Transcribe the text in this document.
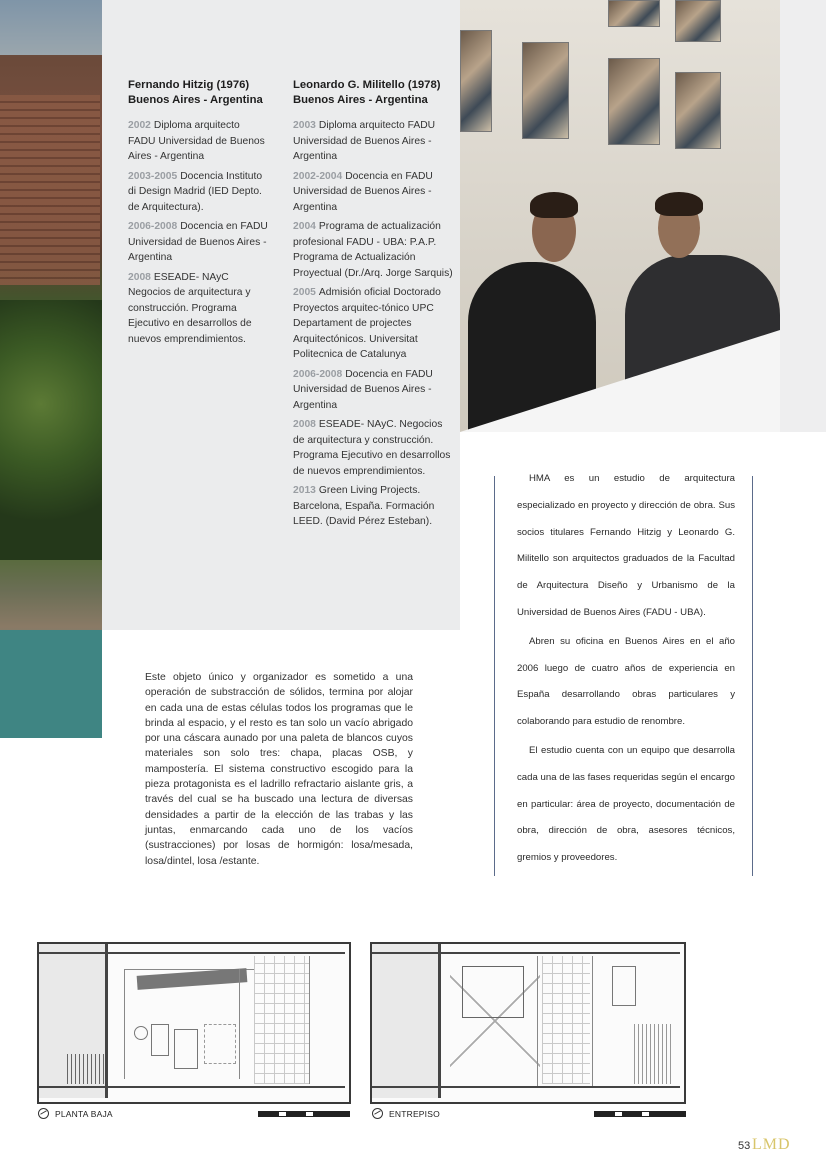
Fernando Hitzig (1976)
Buenos Aires - Argentina
2002 Diploma arquitecto FADU Universidad de Buenos Aires - Argentina
2003-2005 Docencia Instituto di Design Madrid (IED Depto. de Arquitectura).
2006-2008 Docencia en FADU Universidad de Buenos Aires - Argentina
2008 ESEADE- NAyC Negocios de arquitectura y construcción. Programa Ejecutivo en desarrollos de nuevos emprendimientos.
Leonardo G. Militello (1978)
Buenos Aires - Argentina
2003 Diploma arquitecto FADU Universidad de Buenos Aires - Argentina
2002-2004 Docencia en FADU Universidad de Buenos Aires - Argentina
2004 Programa de actualización profesional FADU - UBA: P.A.P. Programa de Actualización Proyectual (Dr./Arq. Jorge Sarquis)
2005 Admisión oficial Doctorado Proyectos arquitec-tónico UPC Departament de projectes Arquitectónicos. Universitat Politecnica de Catalunya
2006-2008 Docencia en FADU Universidad de Buenos Aires - Argentina
2008 ESEADE- NAyC. Negocios de arquitectura y construcción. Programa Ejecutivo en desarrollos de nuevos emprendimientos.
2013 Green Living Projects. Barcelona, España. Formación LEED. (David Pérez Esteban).
Este objeto único y organizador es sometido a una operación de substracción de sólidos, termina por alojar en cada una de estas células todos los programas que le brinda al espacio, y el resto es tan solo un vacío abrigado por una cáscara aunado por una paleta de blancos cuyos materiales son solo tres: chapa, placas OSB, y mampostería. El sistema constructivo escogido para la pieza protagonista es el ladrillo refractario aislante gris, a través del cual se ha buscado una lectura de diversas densidades a partir de la elección de las trabas y las juntas, enmarcando cada uno de los vacíos (sustracciones) por losas de hormigón: losa/mesada, losa/dintel, losa /estante.

HMA es un estudio de arquitectura especializado en proyecto y dirección de obra. Sus socios titulares Fernando Hitzig y Leonardo G. Militello son arquitectos graduados de la Facultad de Arquitectura Diseño y Urbanismo de la Universidad de Buenos Aires (FADU - UBA).

Abren su oficina en Buenos Aires en el año 2006 luego de cuatro años de experiencia en España desarrollando obras particulares y colaborando para estudio de renombre.

El estudio cuenta con un equipo que desarrolla cada una de las fases requeridas según el encargo en particular: área de proyecto, documentación de obra, dirección de obra, asesores técnicos, gremios y proveedores.

PLANTA BAJA	ENTREPISO
53 LMD
